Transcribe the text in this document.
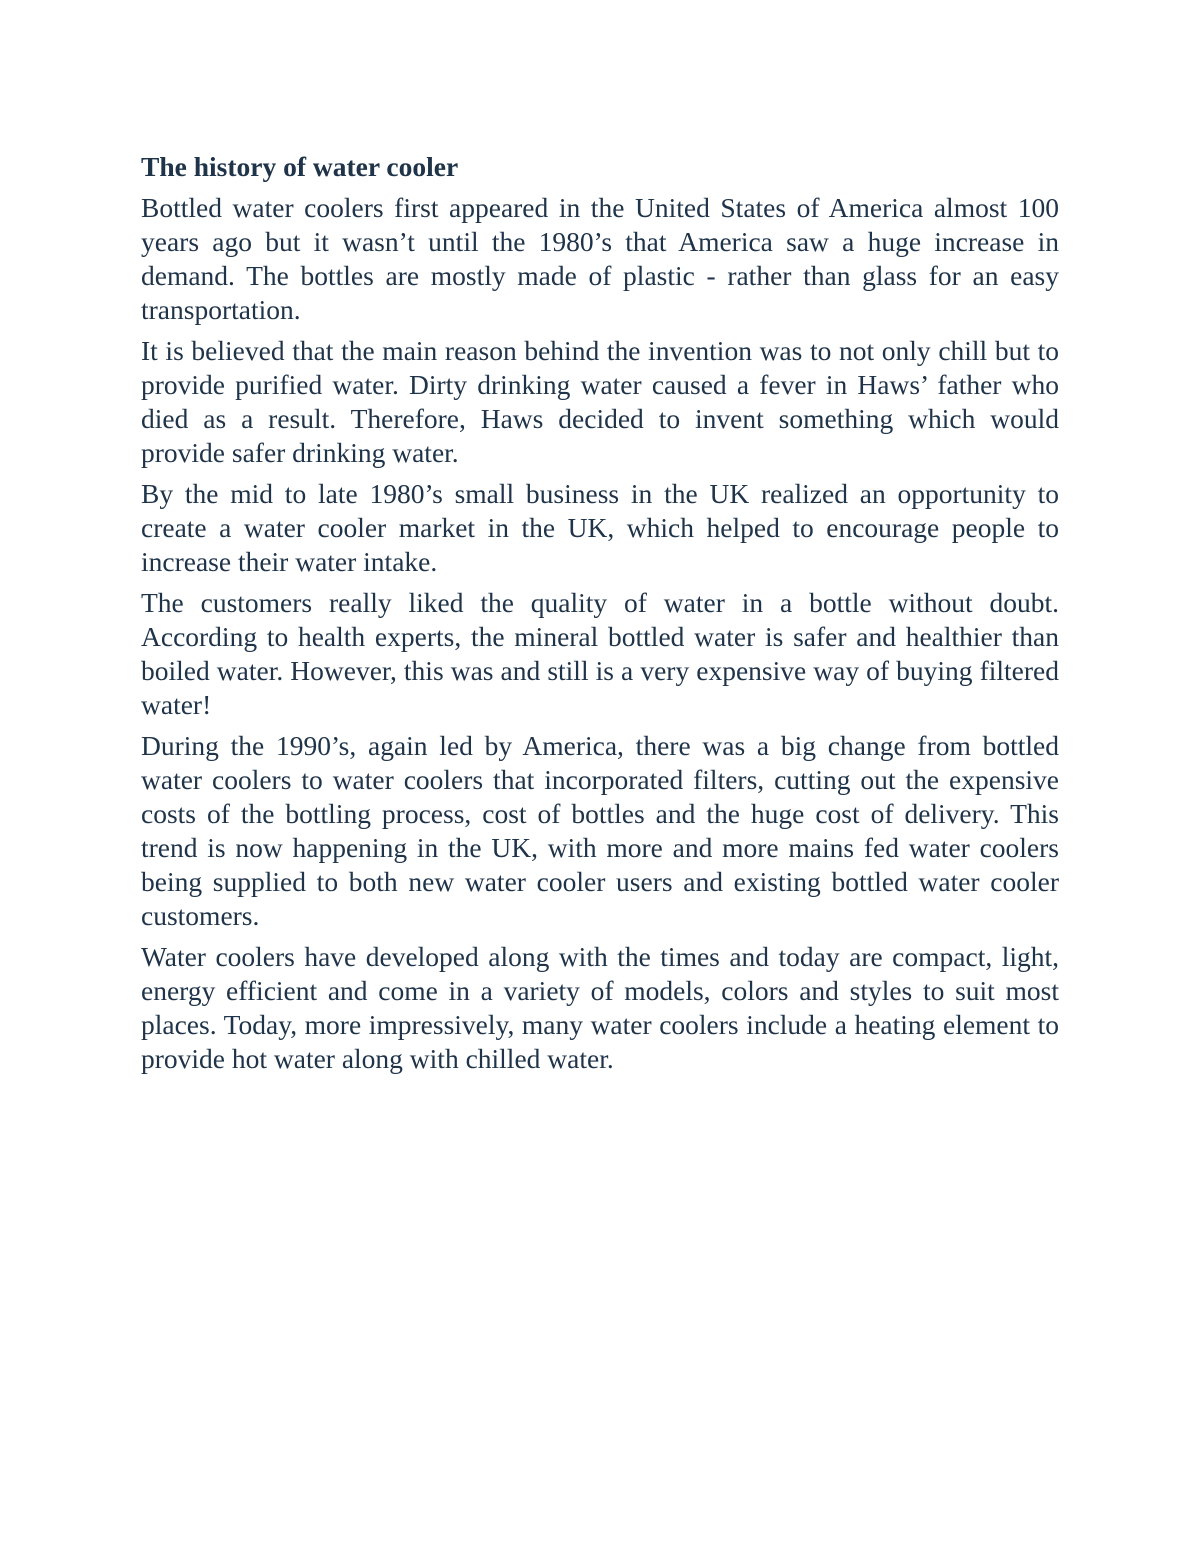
The history of water cooler

Bottled water coolers first appeared in the United States of America almost 100 years ago but it wasn’t until the 1980’s that America saw a huge increase in demand. The bottles are mostly made of plastic - rather than glass for an easy transportation.

It is believed that the main reason behind the invention was to not only chill but to provide purified water. Dirty drinking water caused a fever in Haws’ father who died as a result. Therefore, Haws decided to invent something which would provide safer drinking water.

By the mid to late 1980’s small business in the UK realized an opportunity to create a water cooler market in the UK, which helped to encourage people to increase their water intake.

The customers really liked the quality of water in a bottle without doubt. According to health experts, the mineral bottled water is safer and healthier than boiled water. However, this was and still is a very expensive way of buying filtered water!

During the 1990’s, again led by America, there was a big change from bottled water coolers to water coolers that incorporated filters, cutting out the expensive costs of the bottling process, cost of bottles and the huge cost of delivery. This trend is now happening in the UK, with more and more mains fed water coolers being supplied to both new water cooler users and existing bottled water cooler customers.

Water coolers have developed along with the times and today are compact, light, energy efficient and come in a variety of models, colors and styles to suit most places. Today, more impressively, many water coolers include a heating element to provide hot water along with chilled water.
